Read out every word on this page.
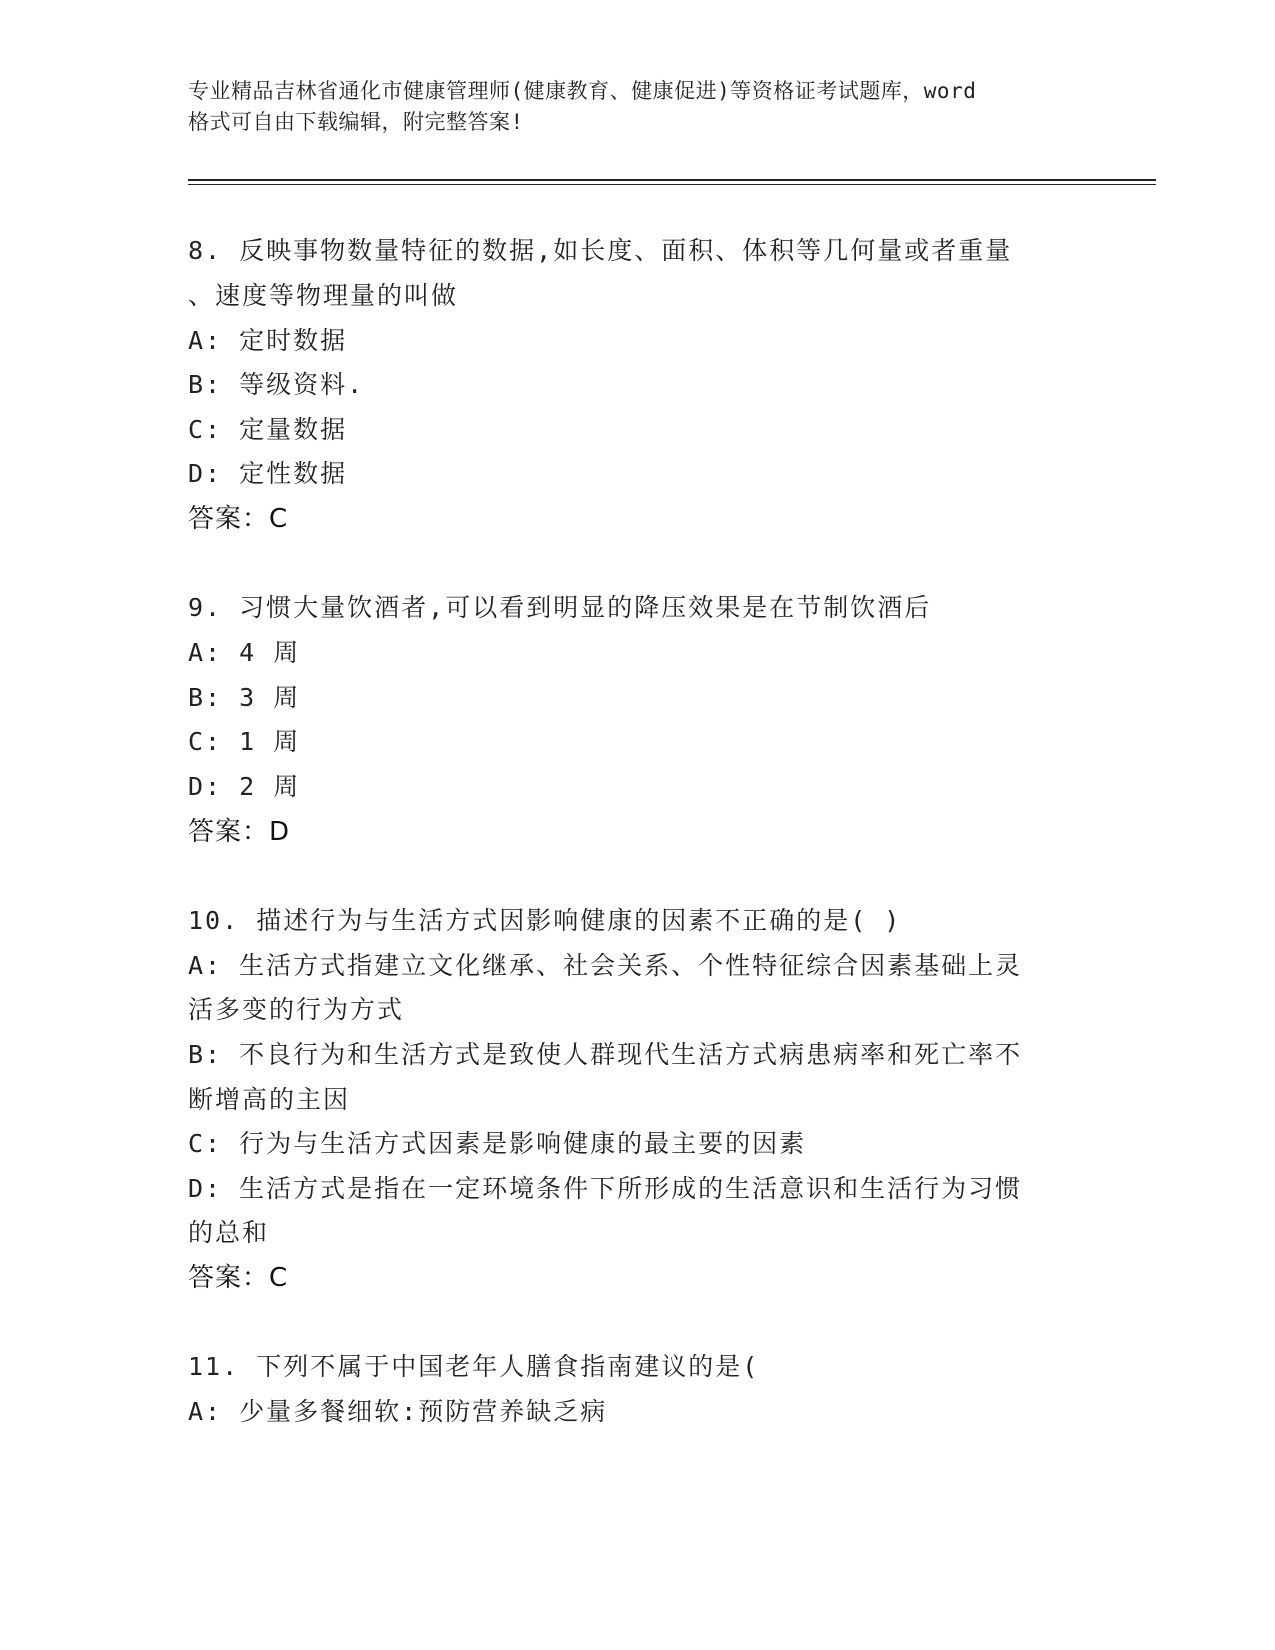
专业精品吉林省通化市健康管理师(健康教育、健康促进)等资格证考试题库，word
格式可自由下载编辑，附完整答案!
8. 反映事物数量特征的数据,如长度、面积、体积等几何量或者重量
、速度等物理量的叫做
A: 定时数据
B: 等级资料.
C: 定量数据
D: 定性数据
答案：C
9. 习惯大量饮酒者,可以看到明显的降压效果是在节制饮酒后
A: 4 周
B: 3 周
C: 1 周
D: 2 周
答案：D
10. 描述行为与生活方式因影响健康的因素不正确的是( )
A: 生活方式指建立文化继承、社会关系、个性特征综合因素基础上灵
活多变的行为方式
B: 不良行为和生活方式是致使人群现代生活方式病患病率和死亡率不
断增高的主因
C: 行为与生活方式因素是影响健康的最主要的因素
D: 生活方式是指在一定环境条件下所形成的生活意识和生活行为习惯
的总和
答案：C
11. 下列不属于中国老年人膳食指南建议的是(
A: 少量多餐细软:预防营养缺乏病
